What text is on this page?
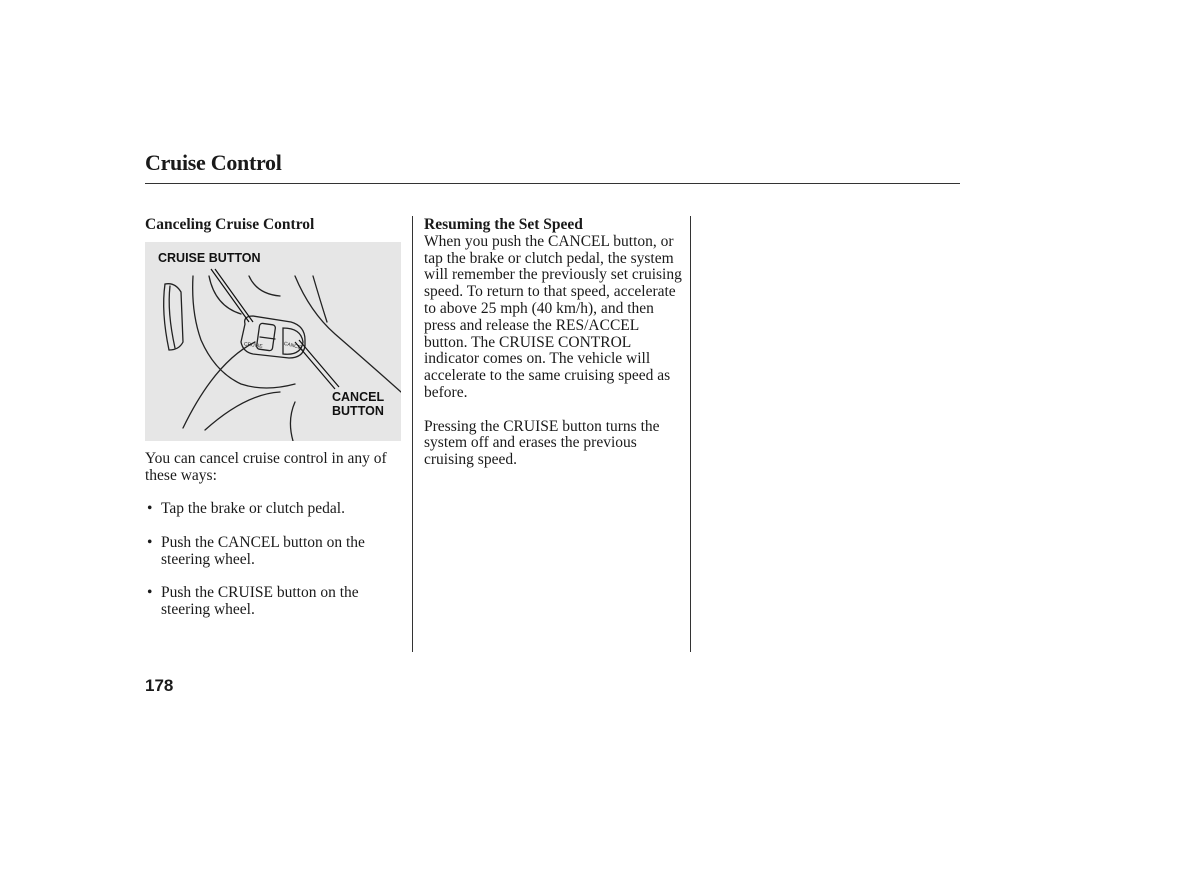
Cruise Control

Canceling Cruise Control

CRUISE	CANCEL

CRUISE BUTTON

CANCEL
BUTTON

You can cancel cruise control in any of these ways:

• Tap the brake or clutch pedal.
• Push the CANCEL button on the steering wheel.
• Push the CRUISE button on the steering wheel.

Resuming the Set Speed

When you push the CANCEL button, or tap the brake or clutch pedal, the system will remember the previously set cruising speed. To return to that speed, accelerate to above 25 mph (40 km/h), and then press and release the RES/ACCEL button. The CRUISE CONTROL indicator comes on. The vehicle will accelerate to the same cruising speed as before.

Pressing the CRUISE button turns the system off and erases the previous cruising speed.

178
